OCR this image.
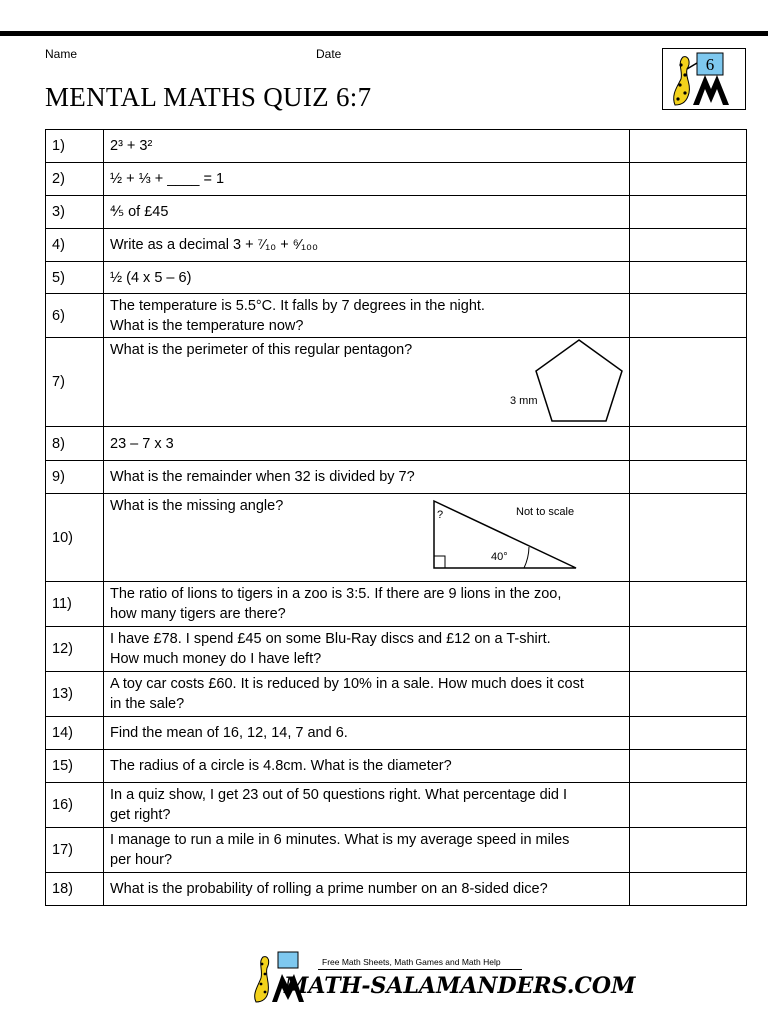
Name	Date
MENTAL MATHS QUIZ 6:7
6
1)	2³ + 3²	

2)	½ + ⅓ + ____ = 1	

3)	⅘ of £45	

4)	Write as a decimal 3 + ⁷⁄₁₀ + ⁶⁄₁₀₀	

5)	½ (4 x 5 – 6)	

6)	The temperature is 5.5°C. It falls by 7 degrees in the night.
What is the temperature now?	

7)	What is the perimeter of this regular pentagon?
3 mm	

8)	23 – 7 x 3	

9)	What is the remainder when 32 is divided by 7?	

10)	What is the missing angle?
?
40°
Not to scale	

11)	The ratio of lions to tigers in a zoo is 3:5. If there are 9 lions in the zoo,
how many tigers are there?	

12)	I have £78. I spend £45 on some Blu-Ray discs and £12 on a T-shirt.
How much money do I have left?	

13)	A toy car costs £60. It is reduced by 10% in a sale. How much does it cost
in the sale?	

14)	Find the mean of 16, 12, 14, 7 and 6.	

15)	The radius of a circle is 4.8cm. What is the diameter?	

16)	In a quiz show, I get 23 out of 50 questions right. What percentage did I
get right?	

17)	I manage to run a mile in 6 minutes. What is my average speed in miles
per hour?	

18)	What is the probability of rolling a prime number on an 8-sided dice?	

Free Math Sheets, Math Games and Math Help
MATH-SALAMANDERS.COM
